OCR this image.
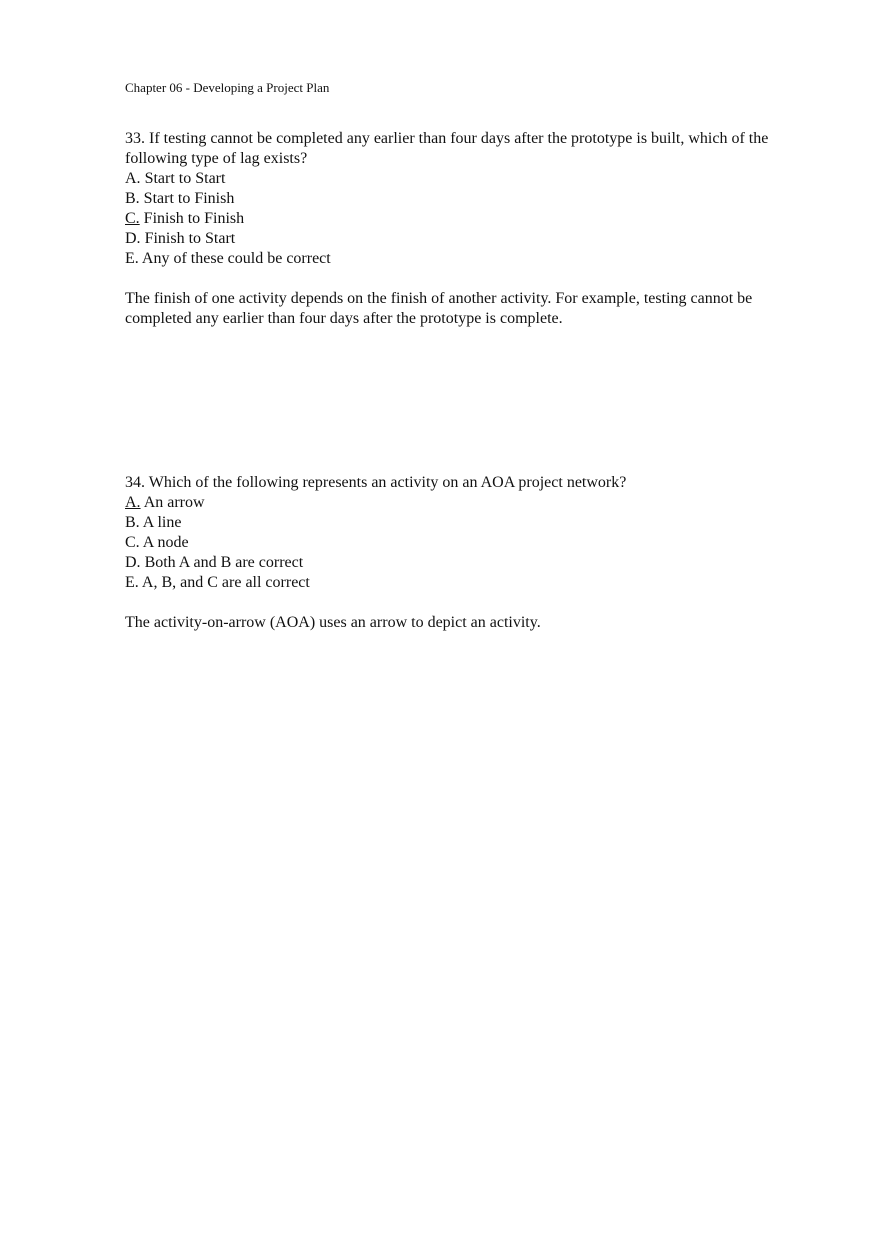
Chapter 06 - Developing a Project Plan

33. If testing cannot be completed any earlier than four days after the prototype is built, which of the following type of lag exists?

A. Start to Start
B. Start to Finish
C. Finish to Finish
D. Finish to Start
E. Any of these could be correct

The finish of one activity depends on the finish of another activity. For example, testing cannot be completed any earlier than four days after the prototype is complete.

34. Which of the following represents an activity on an AOA project network?

A. An arrow
B. A line
C. A node
D. Both A and B are correct
E. A, B, and C are all correct

The activity-on-arrow (AOA) uses an arrow to depict an activity.
